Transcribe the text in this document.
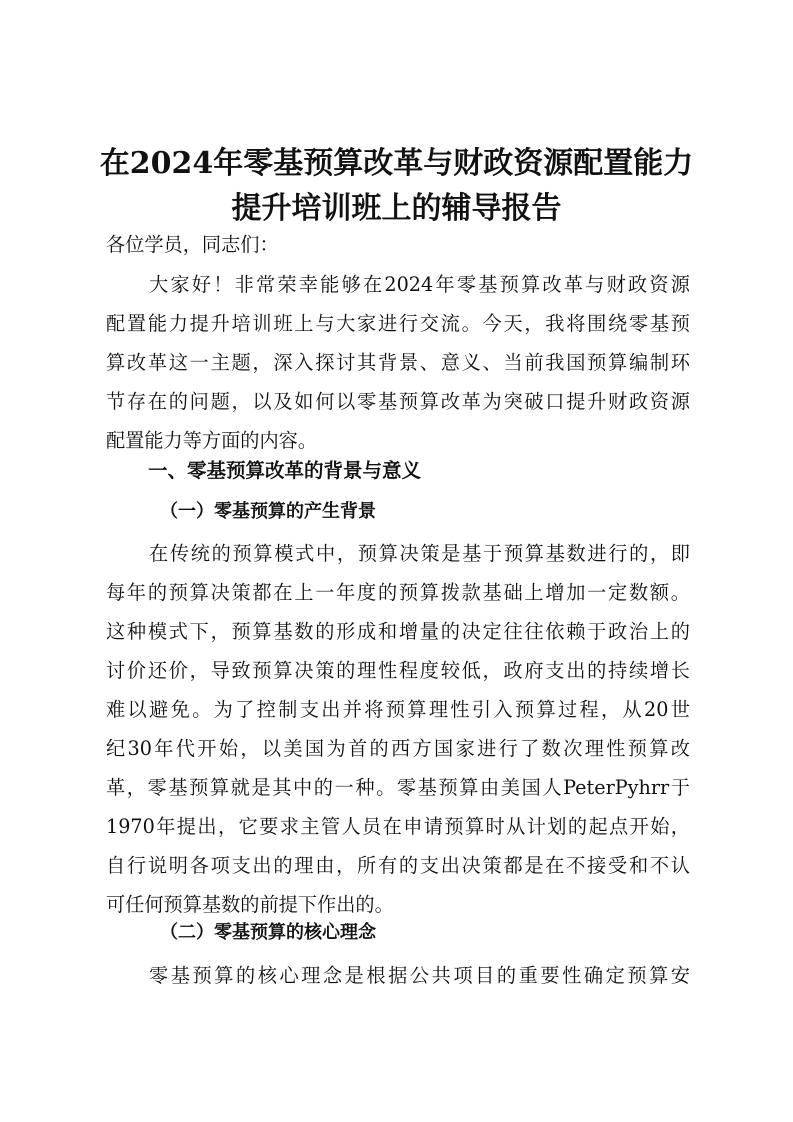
在2024年零基预算改革与财政资源配置能力
提升培训班上的辅导报告
各位学员，同志们：
大家好！非常荣幸能够在2024年零基预算改革与财政资源
配置能力提升培训班上与大家进行交流。今天，我将围绕零基预
算改革这一主题，深入探讨其背景、意义、当前我国预算编制环
节存在的问题，以及如何以零基预算改革为突破口提升财政资源
配置能力等方面的内容。
一、零基预算改革的背景与意义
（一）零基预算的产生背景
在传统的预算模式中，预算决策是基于预算基数进行的，即
每年的预算决策都在上一年度的预算拨款基础上增加一定数额。
这种模式下，预算基数的形成和增量的决定往往依赖于政治上的
讨价还价，导致预算决策的理性程度较低，政府支出的持续增长
难以避免。为了控制支出并将预算理性引入预算过程，从20世
纪30年代开始，以美国为首的西方国家进行了数次理性预算改
革，零基预算就是其中的一种。零基预算由美国人PeterPyhrr于
1970年提出，它要求主管人员在申请预算时从计划的起点开始，
自行说明各项支出的理由，所有的支出决策都是在不接受和不认
可任何预算基数的前提下作出的。
（二）零基预算的核心理念
零基预算的核心理念是根据公共项目的重要性确定预算安
